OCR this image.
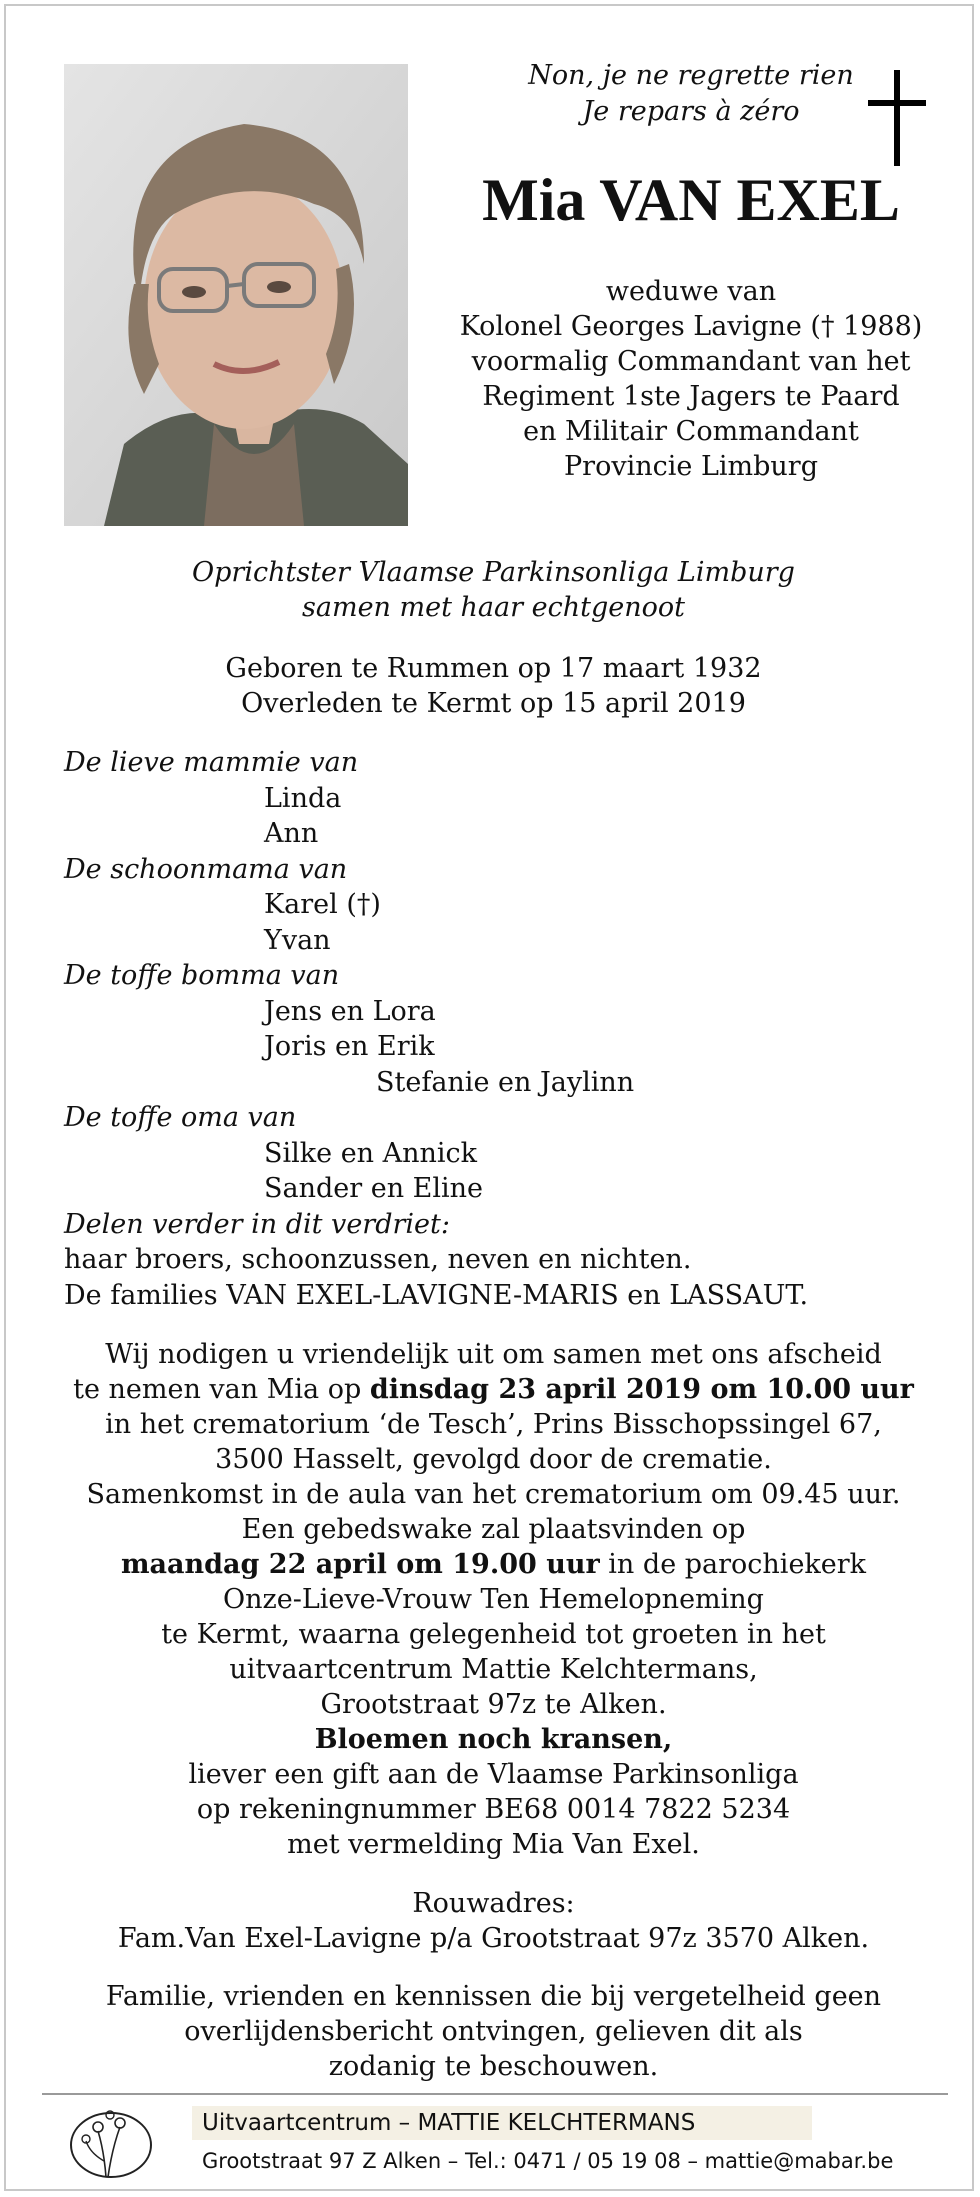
Non, je ne regrette rien
Je repars à zéro
Mia VAN EXEL
weduwe van
Kolonel Georges Lavigne († 1988)
voormalig Commandant van het
Regiment 1ste Jagers te Paard
en Militair Commandant
Provincie Limburg
Oprichtster Vlaamse Parkinsonliga Limburg
samen met haar echtgenoot
Geboren te Rummen op 17 maart 1932
Overleden te Kermt op 15 april 2019
De lieve mammie van
Linda
Ann
De schoonmama van
Karel (†)
Yvan
De toffe bomma van
Jens en Lora
Joris en Erik
Stefanie en Jaylinn
De toffe oma van
Silke en Annick
Sander en Eline
Delen verder in dit verdriet:
haar broers, schoonzussen, neven en nichten.
De families VAN EXEL-LAVIGNE-MARIS en LASSAUT.
Wij nodigen u vriendelijk uit om samen met ons afscheid
te nemen van Mia op dinsdag 23 april 2019 om 10.00 uur
in het crematorium ‘de Tesch’, Prins Bisschopssingel 67,
3500 Hasselt, gevolgd door de crematie.
Samenkomst in de aula van het crematorium om 09.45 uur.
Een gebedswake zal plaatsvinden op
maandag 22 april om 19.00 uur in de parochiekerk
Onze-Lieve-Vrouw Ten Hemelopneming
te Kermt, waarna gelegenheid tot groeten in het
uitvaartcentrum Mattie Kelchtermans,
Grootstraat 97z te Alken.
Bloemen noch kransen,
liever een gift aan de Vlaamse Parkinsonliga
op rekeningnummer BE68 0014 7822 5234
met vermelding Mia Van Exel.
Rouwadres:
Fam.Van Exel-Lavigne p/a Grootstraat 97z 3570 Alken.
Familie, vrienden en kennissen die bij vergetelheid geen
overlijdensbericht ontvingen, gelieven dit als
zodanig te beschouwen.
Uitvaartcentrum – MATTIE KELCHTERMANS
Grootstraat 97 Z Alken – Tel.: 0471 / 05 19 08 – mattie@mabar.be
